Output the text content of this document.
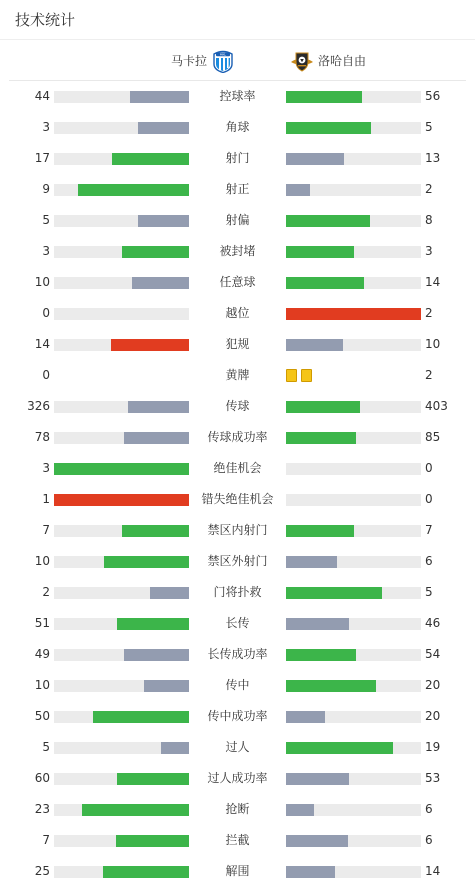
技术统计
马卡拉	MKL	洛哈自由
44	控球率	56
3	角球	5
17	射门	13
9	射正	2
5	射偏	8
3	被封堵	3
10	任意球	14
0	越位	2
14	犯规	10
0	黄牌	2
326	传球	403
78	传球成功率	85
3	绝佳机会	0
1	错失绝佳机会	0
7	禁区内射门	7
10	禁区外射门	6
2	门将扑救	5
51	长传	46
49	长传成功率	54
10	传中	20
50	传中成功率	20
5	过人	19
60	过人成功率	53
23	抢断	6
7	拦截	6
25	解围	14
